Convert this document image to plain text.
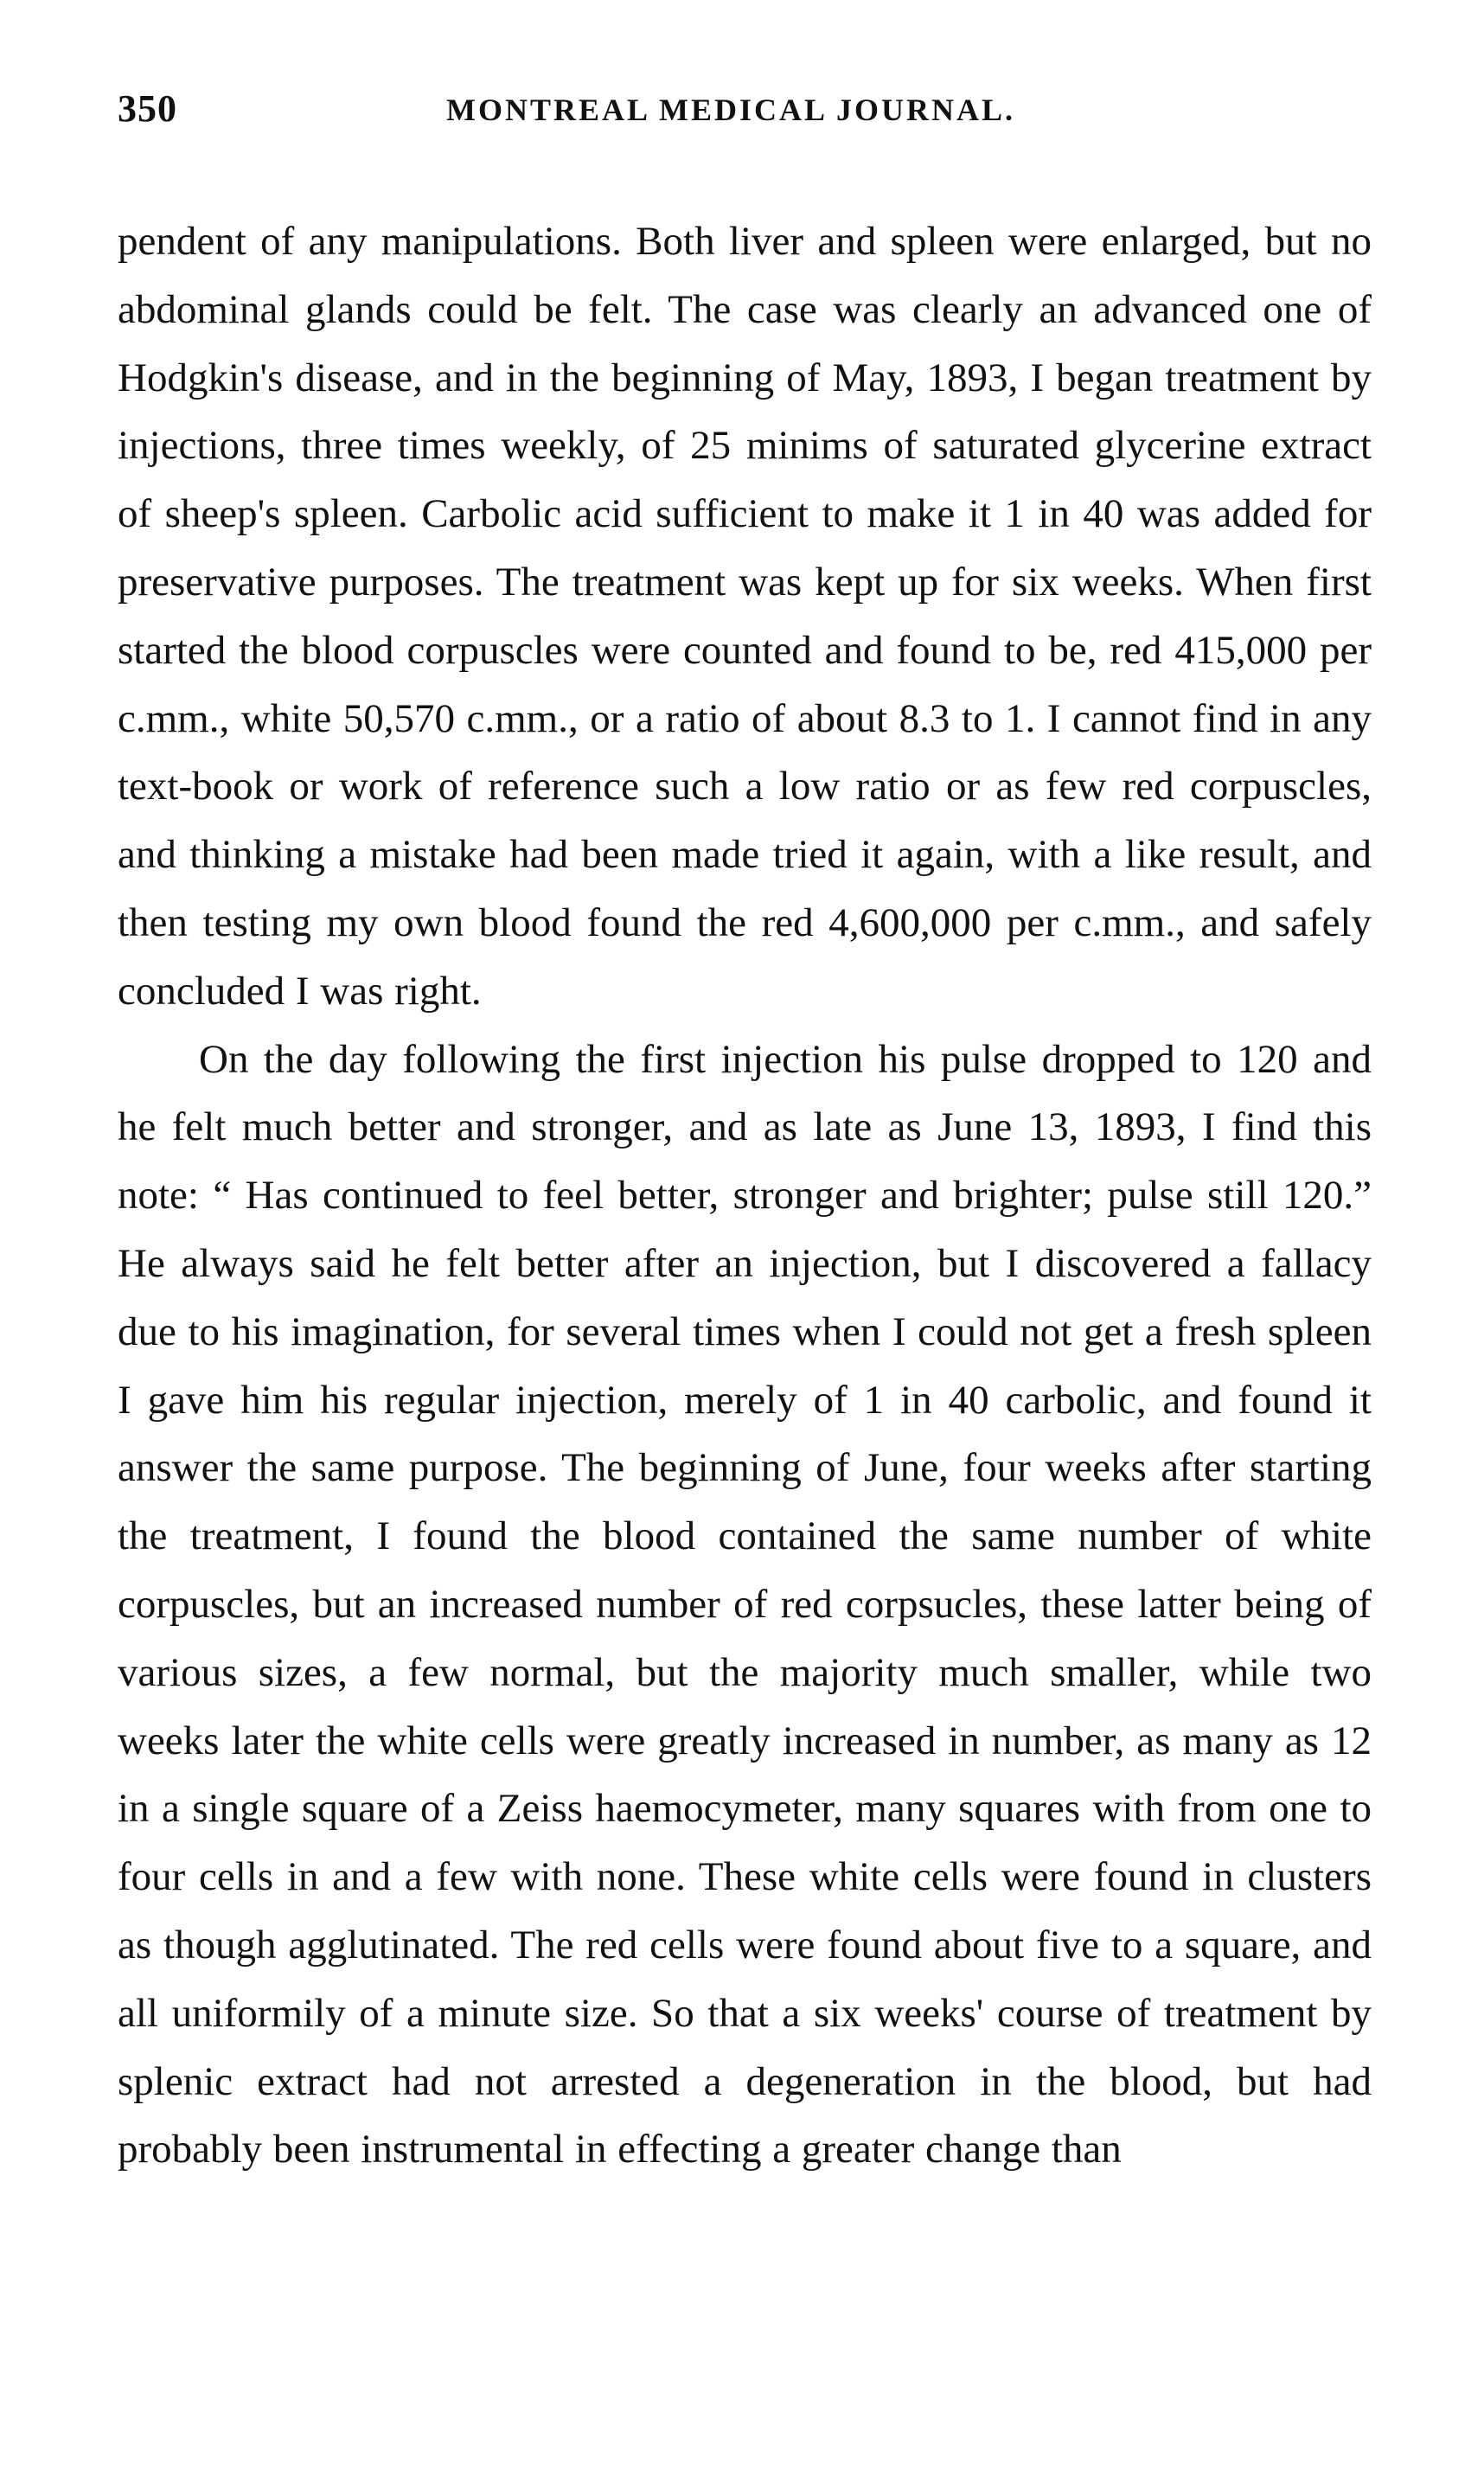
350	MONTREAL MEDICAL JOURNAL.

pendent of any manipulations. Both liver and spleen were enlarged, but no abdominal glands could be felt. The case was clearly an advanced one of Hodgkin's disease, and in the beginning of May, 1893, I began treatment by injections, three times weekly, of 25 minims of saturated glycerine extract of sheep's spleen. Carbolic acid sufficient to make it 1 in 40 was added for preservative purposes. The treatment was kept up for six weeks. When first started the blood corpuscles were counted and found to be, red 415,000 per c.mm., white 50,570 c.mm., or a ratio of about 8.3 to 1. I cannot find in any text-book or work of reference such a low ratio or as few red corpuscles, and thinking a mistake had been made tried it again, with a like result, and then testing my own blood found the red 4,600,000 per c.mm., and safely concluded I was right.

On the day following the first injection his pulse dropped to 120 and he felt much better and stronger, and as late as June 13, 1893, I find this note: “ Has continued to feel better, stronger and brighter; pulse still 120.” He always said he felt better after an injection, but I discovered a fallacy due to his imagination, for several times when I could not get a fresh spleen I gave him his regular injection, merely of 1 in 40 carbolic, and found it answer the same purpose. The beginning of June, four weeks after starting the treatment, I found the blood contained the same number of white corpuscles, but an increased number of red corpsucles, these latter being of various sizes, a few normal, but the majority much smaller, while two weeks later the white cells were greatly increased in number, as many as 12 in a single square of a Zeiss haemocymeter, many squares with from one to four cells in and a few with none. These white cells were found in clusters as though agglutinated. The red cells were found about five to a square, and all uniformily of a minute size. So that a six weeks' course of treatment by splenic extract had not arrested a degeneration in the blood, but had probably been instrumental in effecting a greater change than
